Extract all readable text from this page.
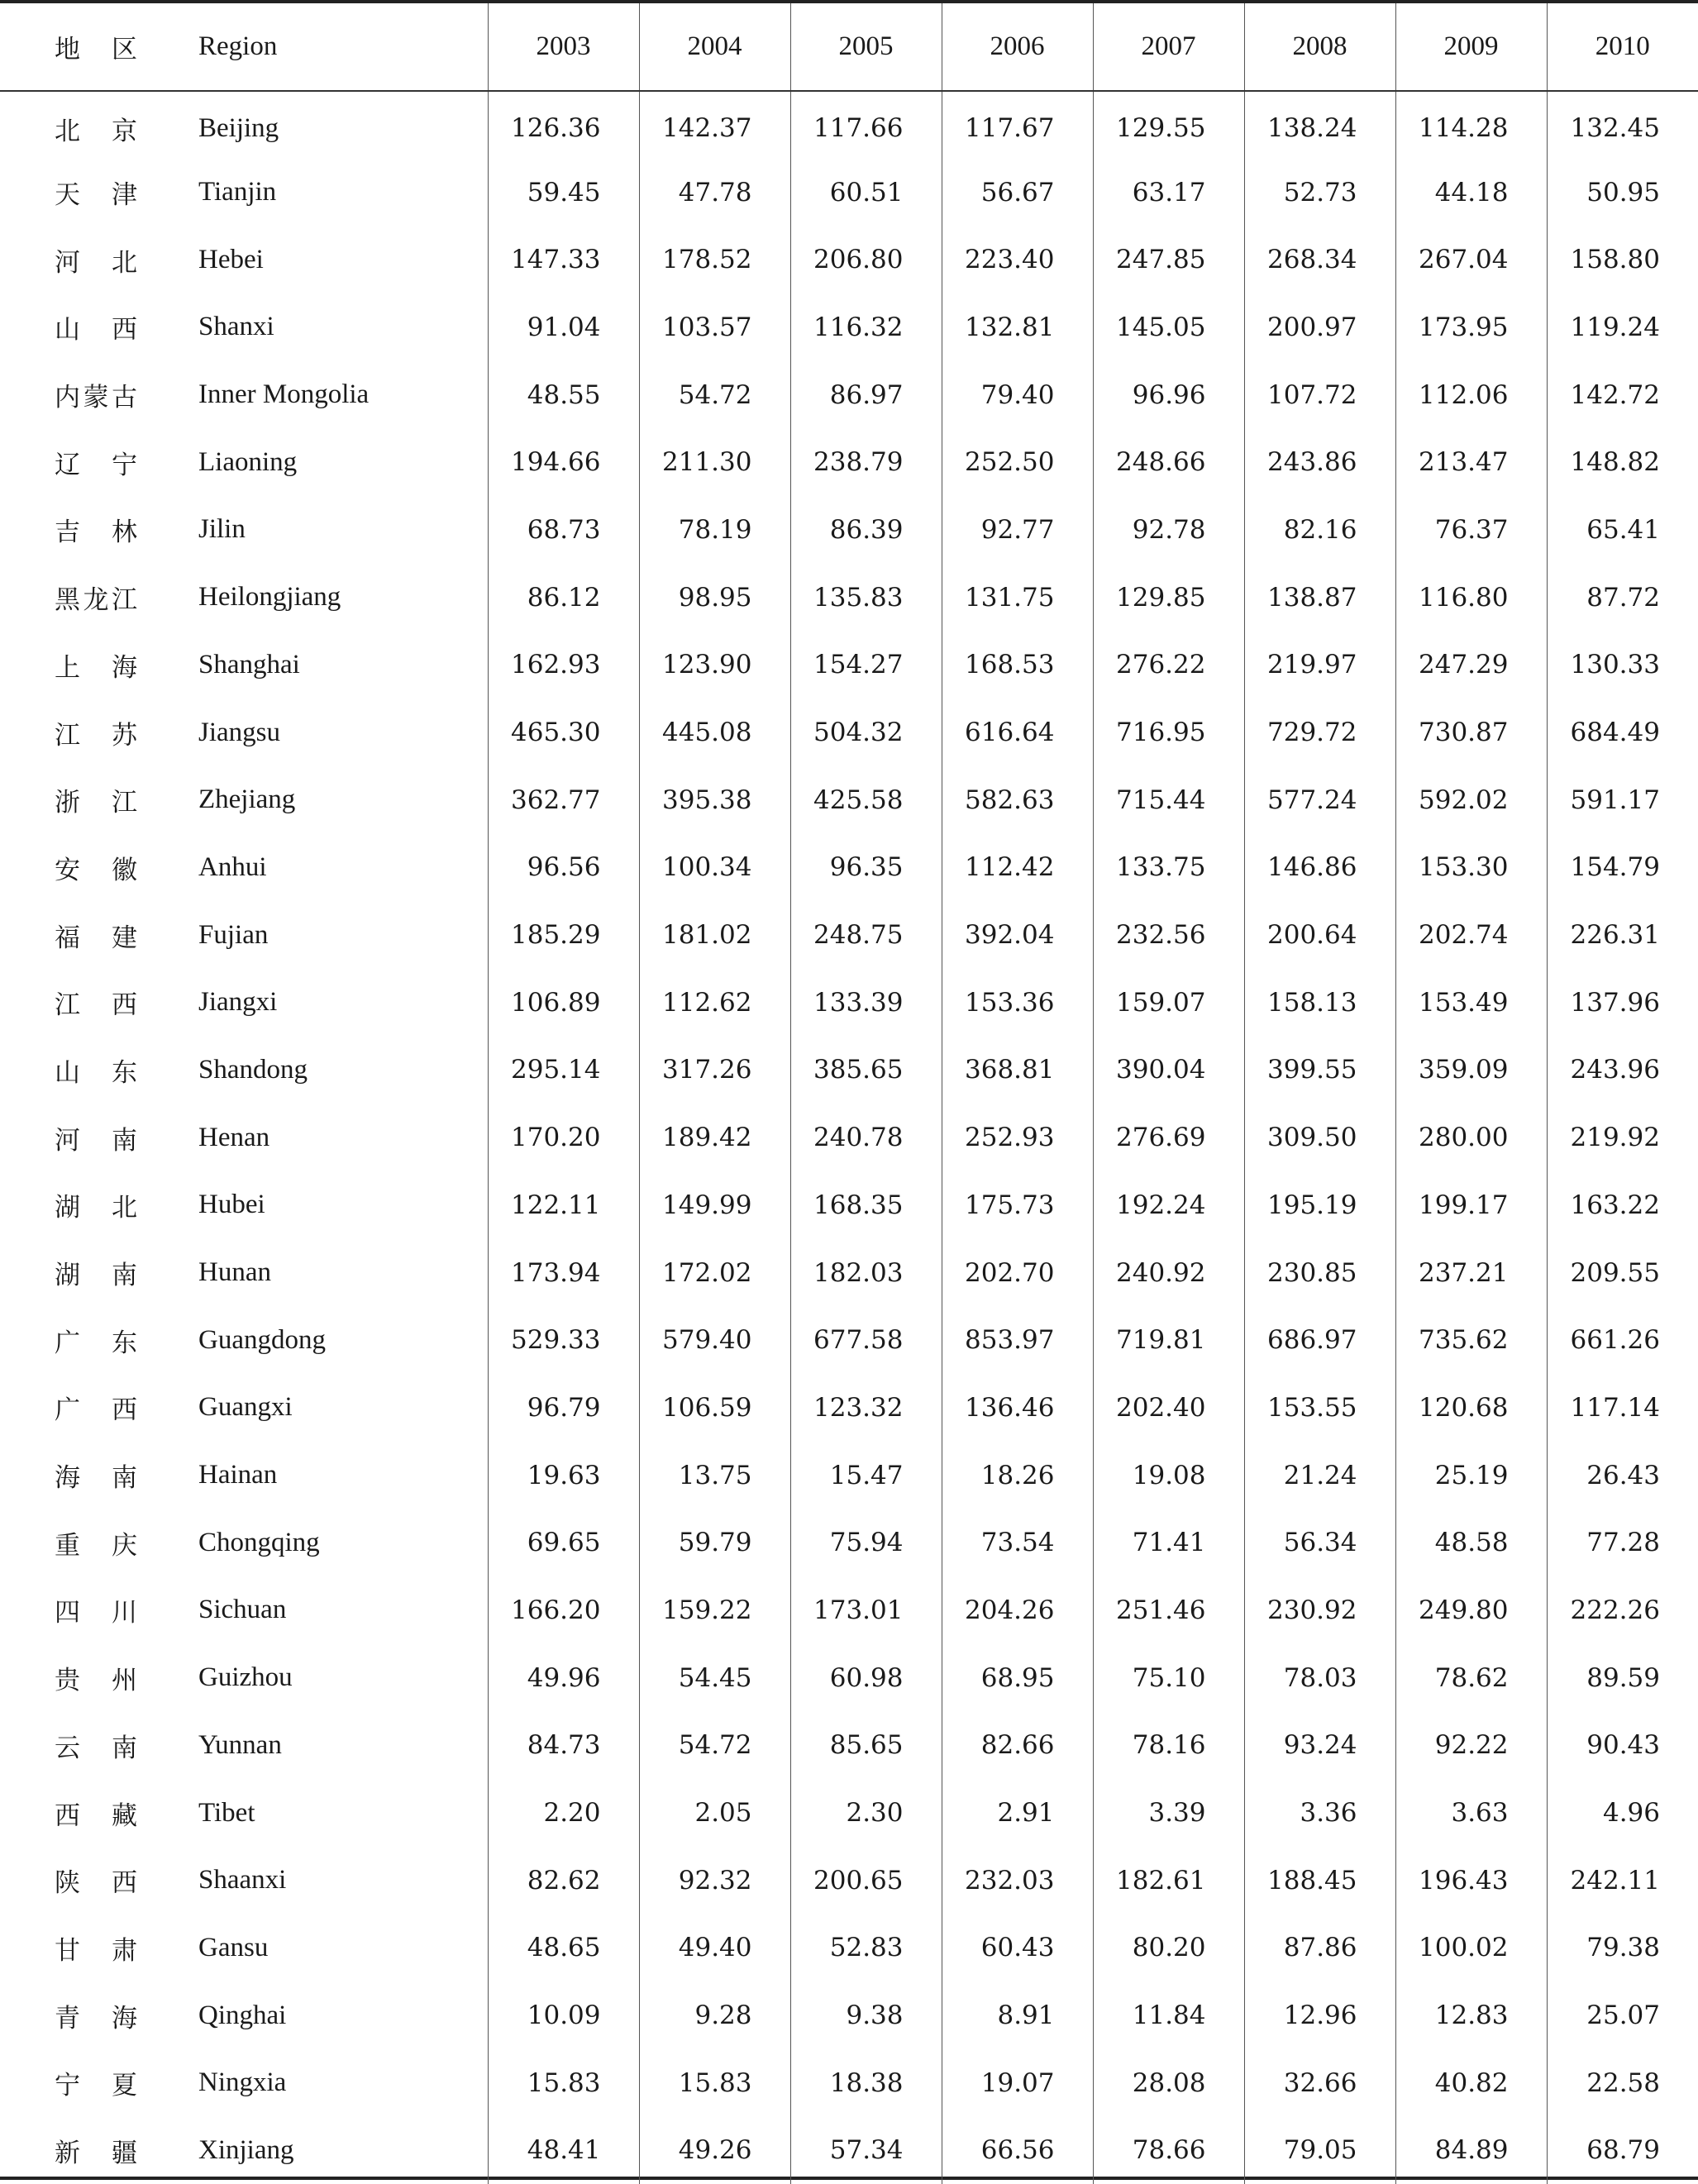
地 区	Region	2003	2004	2005	2006	2007	2008	2009	2010
北 京	Beijing	126.36	142.37	117.66	117.67	129.55	138.24	114.28	132.45
天 津	Tianjin	59.45	47.78	60.51	56.67	63.17	52.73	44.18	50.95
河 北	Hebei	147.33	178.52	206.80	223.40	247.85	268.34	267.04	158.80
山 西	Shanxi	91.04	103.57	116.32	132.81	145.05	200.97	173.95	119.24
内蒙古	Inner Mongolia	48.55	54.72	86.97	79.40	96.96	107.72	112.06	142.72
辽 宁	Liaoning	194.66	211.30	238.79	252.50	248.66	243.86	213.47	148.82
吉 林	Jilin	68.73	78.19	86.39	92.77	92.78	82.16	76.37	65.41
黑龙江	Heilongjiang	86.12	98.95	135.83	131.75	129.85	138.87	116.80	87.72
上 海	Shanghai	162.93	123.90	154.27	168.53	276.22	219.97	247.29	130.33
江 苏	Jiangsu	465.30	445.08	504.32	616.64	716.95	729.72	730.87	684.49
浙 江	Zhejiang	362.77	395.38	425.58	582.63	715.44	577.24	592.02	591.17
安 徽	Anhui	96.56	100.34	96.35	112.42	133.75	146.86	153.30	154.79
福 建	Fujian	185.29	181.02	248.75	392.04	232.56	200.64	202.74	226.31
江 西	Jiangxi	106.89	112.62	133.39	153.36	159.07	158.13	153.49	137.96
山 东	Shandong	295.14	317.26	385.65	368.81	390.04	399.55	359.09	243.96
河 南	Henan	170.20	189.42	240.78	252.93	276.69	309.50	280.00	219.92
湖 北	Hubei	122.11	149.99	168.35	175.73	192.24	195.19	199.17	163.22
湖 南	Hunan	173.94	172.02	182.03	202.70	240.92	230.85	237.21	209.55
广 东	Guangdong	529.33	579.40	677.58	853.97	719.81	686.97	735.62	661.26
广 西	Guangxi	96.79	106.59	123.32	136.46	202.40	153.55	120.68	117.14
海 南	Hainan	19.63	13.75	15.47	18.26	19.08	21.24	25.19	26.43
重 庆	Chongqing	69.65	59.79	75.94	73.54	71.41	56.34	48.58	77.28
四 川	Sichuan	166.20	159.22	173.01	204.26	251.46	230.92	249.80	222.26
贵 州	Guizhou	49.96	54.45	60.98	68.95	75.10	78.03	78.62	89.59
云 南	Yunnan	84.73	54.72	85.65	82.66	78.16	93.24	92.22	90.43
西 藏	Tibet	2.20	2.05	2.30	2.91	3.39	3.36	3.63	4.96
陕 西	Shaanxi	82.62	92.32	200.65	232.03	182.61	188.45	196.43	242.11
甘 肃	Gansu	48.65	49.40	52.83	60.43	80.20	87.86	100.02	79.38
青 海	Qinghai	10.09	9.28	9.38	8.91	11.84	12.96	12.83	25.07
宁 夏	Ningxia	15.83	15.83	18.38	19.07	28.08	32.66	40.82	22.58
新 疆	Xinjiang	48.41	49.26	57.34	66.56	78.66	79.05	84.89	68.79
